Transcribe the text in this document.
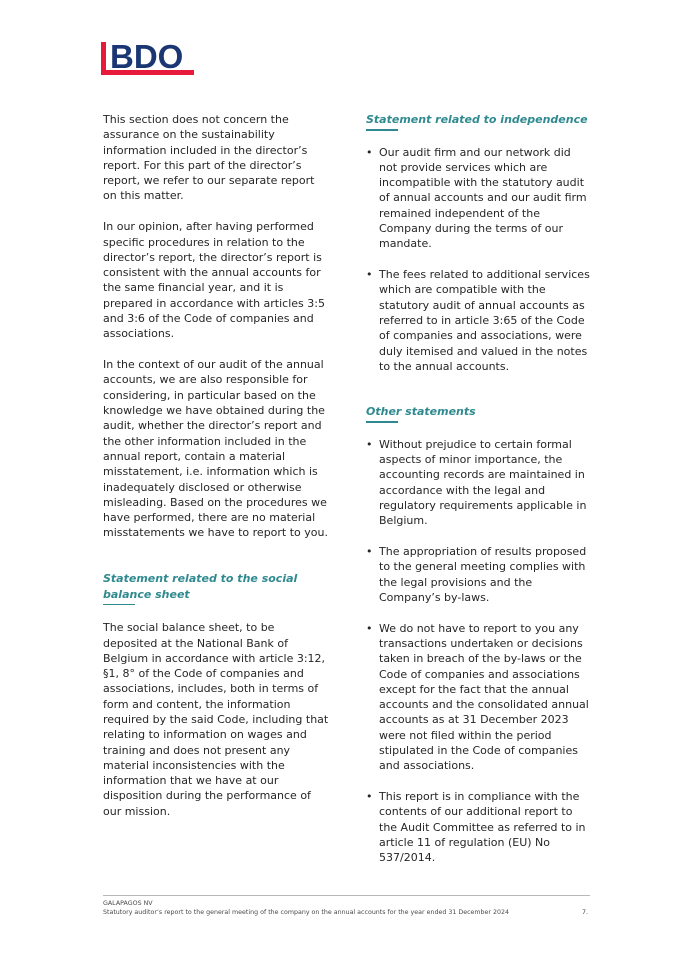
BDO

This section does not concern the assurance on the sustainability information included in the director’s report. For this part of the director’s report, we refer to our separate report on this matter.

In our opinion, after having performed specific procedures in relation to the director’s report, the director’s report is consistent with the annual accounts for the same financial year, and it is prepared in accordance with articles 3:5 and 3:6 of the Code of companies and associations.

In the context of our audit of the annual accounts, we are also responsible for considering, in particular based on the knowledge we have obtained during the audit, whether the director’s report and the other information included in the annual report, contain a material misstatement, i.e. information which is inadequately disclosed or otherwise misleading. Based on the procedures we have performed, there are no material misstatements we have to report to you.

Statement related to the social balance sheet

The social balance sheet, to be deposited at the National Bank of Belgium in accordance with article 3:12, §1, 8° of the Code of companies and associations, includes, both in terms of form and content, the information required by the said Code, including that relating to information on wages and training and does not present any material inconsistencies with the information that we have at our disposition during the performance of our mission.

Statement related to independence
• Our audit firm and our network did not provide services which are incompatible with the statutory audit of annual accounts and our audit firm remained independent of the Company during the terms of our mandate.
• The fees related to additional services which are compatible with the statutory audit of annual accounts as referred to in article 3:65 of the Code of companies and associations, were duly itemised and valued in the notes to the annual accounts.
Other statements
• Without prejudice to certain formal aspects of minor importance, the accounting records are maintained in accordance with the legal and regulatory requirements applicable in Belgium.
• The appropriation of results proposed to the general meeting complies with the legal provisions and the Company’s by-laws.
• We do not have to report to you any transactions undertaken or decisions taken in breach of the by-laws or the Code of companies and associations except for the fact that the annual accounts and the consolidated annual accounts as at 31 December 2023 were not filed within the period stipulated in the Code of companies and associations.
• This report is in compliance with the contents of our additional report to the Audit Committee as referred to in article 11 of regulation (EU) No 537/2014.
GALAPAGOS NV
Statutory auditor’s report to the general meeting of the company on the annual accounts for the year ended 31 December 2024	7.
